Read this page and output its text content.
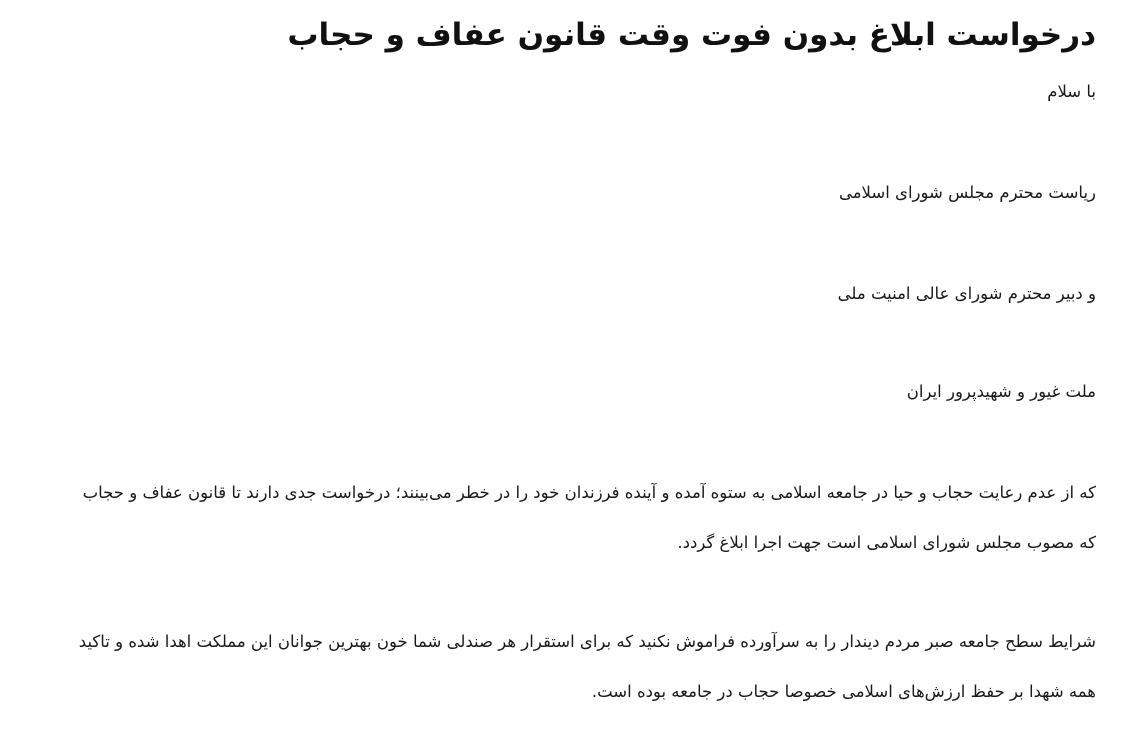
درخواست ابلاغ بدون فوت وقت قانون عفاف و حجاب

با سلام

ریاست محترم مجلس شورای اسلامی

و دبیر محترم شورای عالی امنیت ملی

ملت غیور و شهیدپرور ایران

که از عدم رعایت حجاب و حیا در جامعه اسلامی به ستوه آمده و آینده فرزندان خود را در خطر می‌بینند؛ درخواست جدی دارند تا قانون عفاف و حجاب

که مصوب مجلس شورای اسلامی است جهت اجرا ابلاغ گردد.

شرایط سطح جامعه صبر مردم دیندار را به سرآورده فراموش نکنید که برای استقرار هر صندلی شما خون بهترین جوانان این مملکت اهدا شده و تاکید

همه شهدا بر حفظ ارزش‌های اسلامی خصوصا حجاب در جامعه بوده است.
